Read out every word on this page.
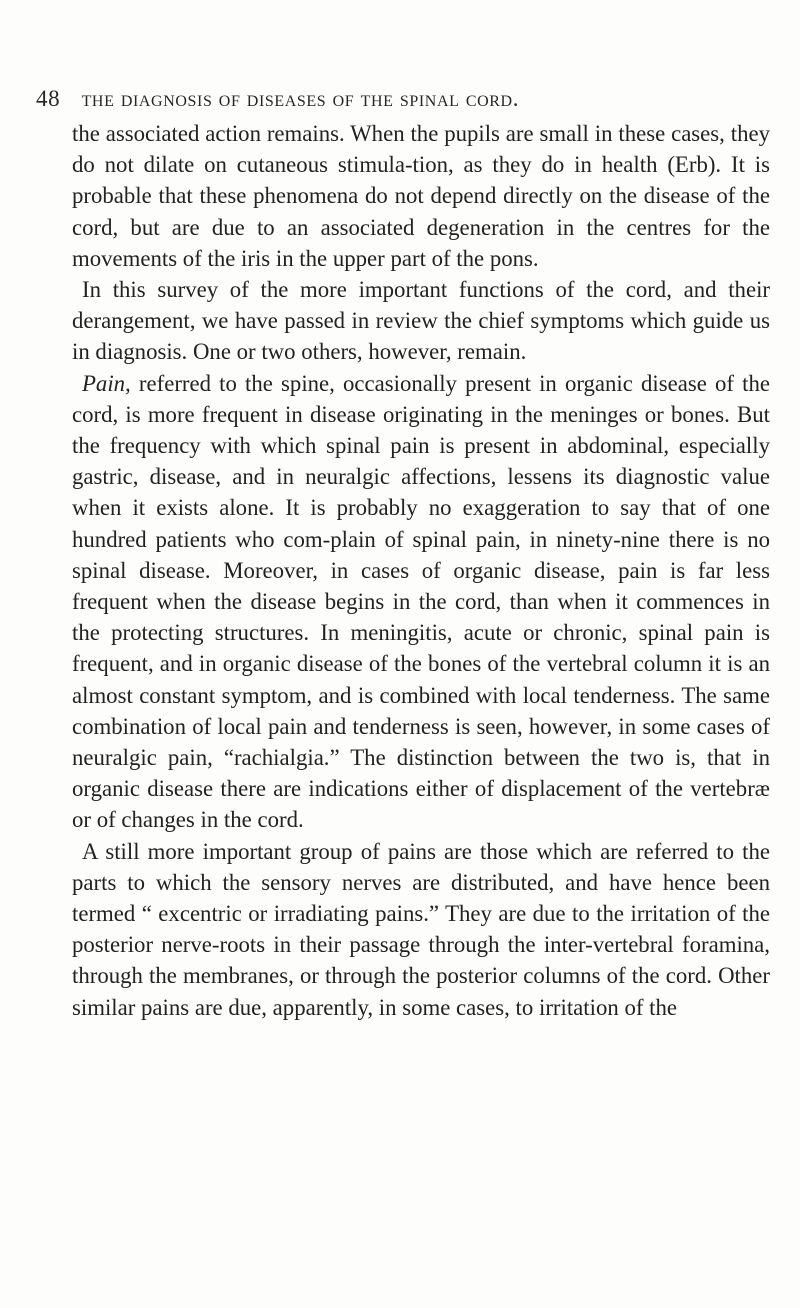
48 the diagnosis of diseases of the spinal cord.

the associated action remains. When the pupils are small in these cases, they do not dilate on cutaneous stimula-tion, as they do in health (Erb). It is probable that these phenomena do not depend directly on the disease of the cord, but are due to an associated degeneration in the centres for the movements of the iris in the upper part of the pons.

In this survey of the more important functions of the cord, and their derangement, we have passed in review the chief symptoms which guide us in diagnosis. One or two others, however, remain.

Pain, referred to the spine, occasionally present in organic disease of the cord, is more frequent in disease originating in the meninges or bones. But the frequency with which spinal pain is present in abdominal, especially gastric, disease, and in neuralgic affections, lessens its diagnostic value when it exists alone. It is probably no exaggeration to say that of one hundred patients who com-plain of spinal pain, in ninety-nine there is no spinal disease. Moreover, in cases of organic disease, pain is far less frequent when the disease begins in the cord, than when it commences in the protecting structures. In meningitis, acute or chronic, spinal pain is frequent, and in organic disease of the bones of the vertebral column it is an almost constant symptom, and is combined with local tenderness. The same combination of local pain and tenderness is seen, however, in some cases of neuralgic pain, “rachialgia.” The distinction between the two is, that in organic disease there are indications either of displacement of the vertebræ or of changes in the cord.

A still more important group of pains are those which are referred to the parts to which the sensory nerves are distributed, and have hence been termed “ excentric or irradiating pains.” They are due to the irritation of the posterior nerve-roots in their passage through the inter-vertebral foramina, through the membranes, or through the posterior columns of the cord. Other similar pains are due, apparently, in some cases, to irritation of the
